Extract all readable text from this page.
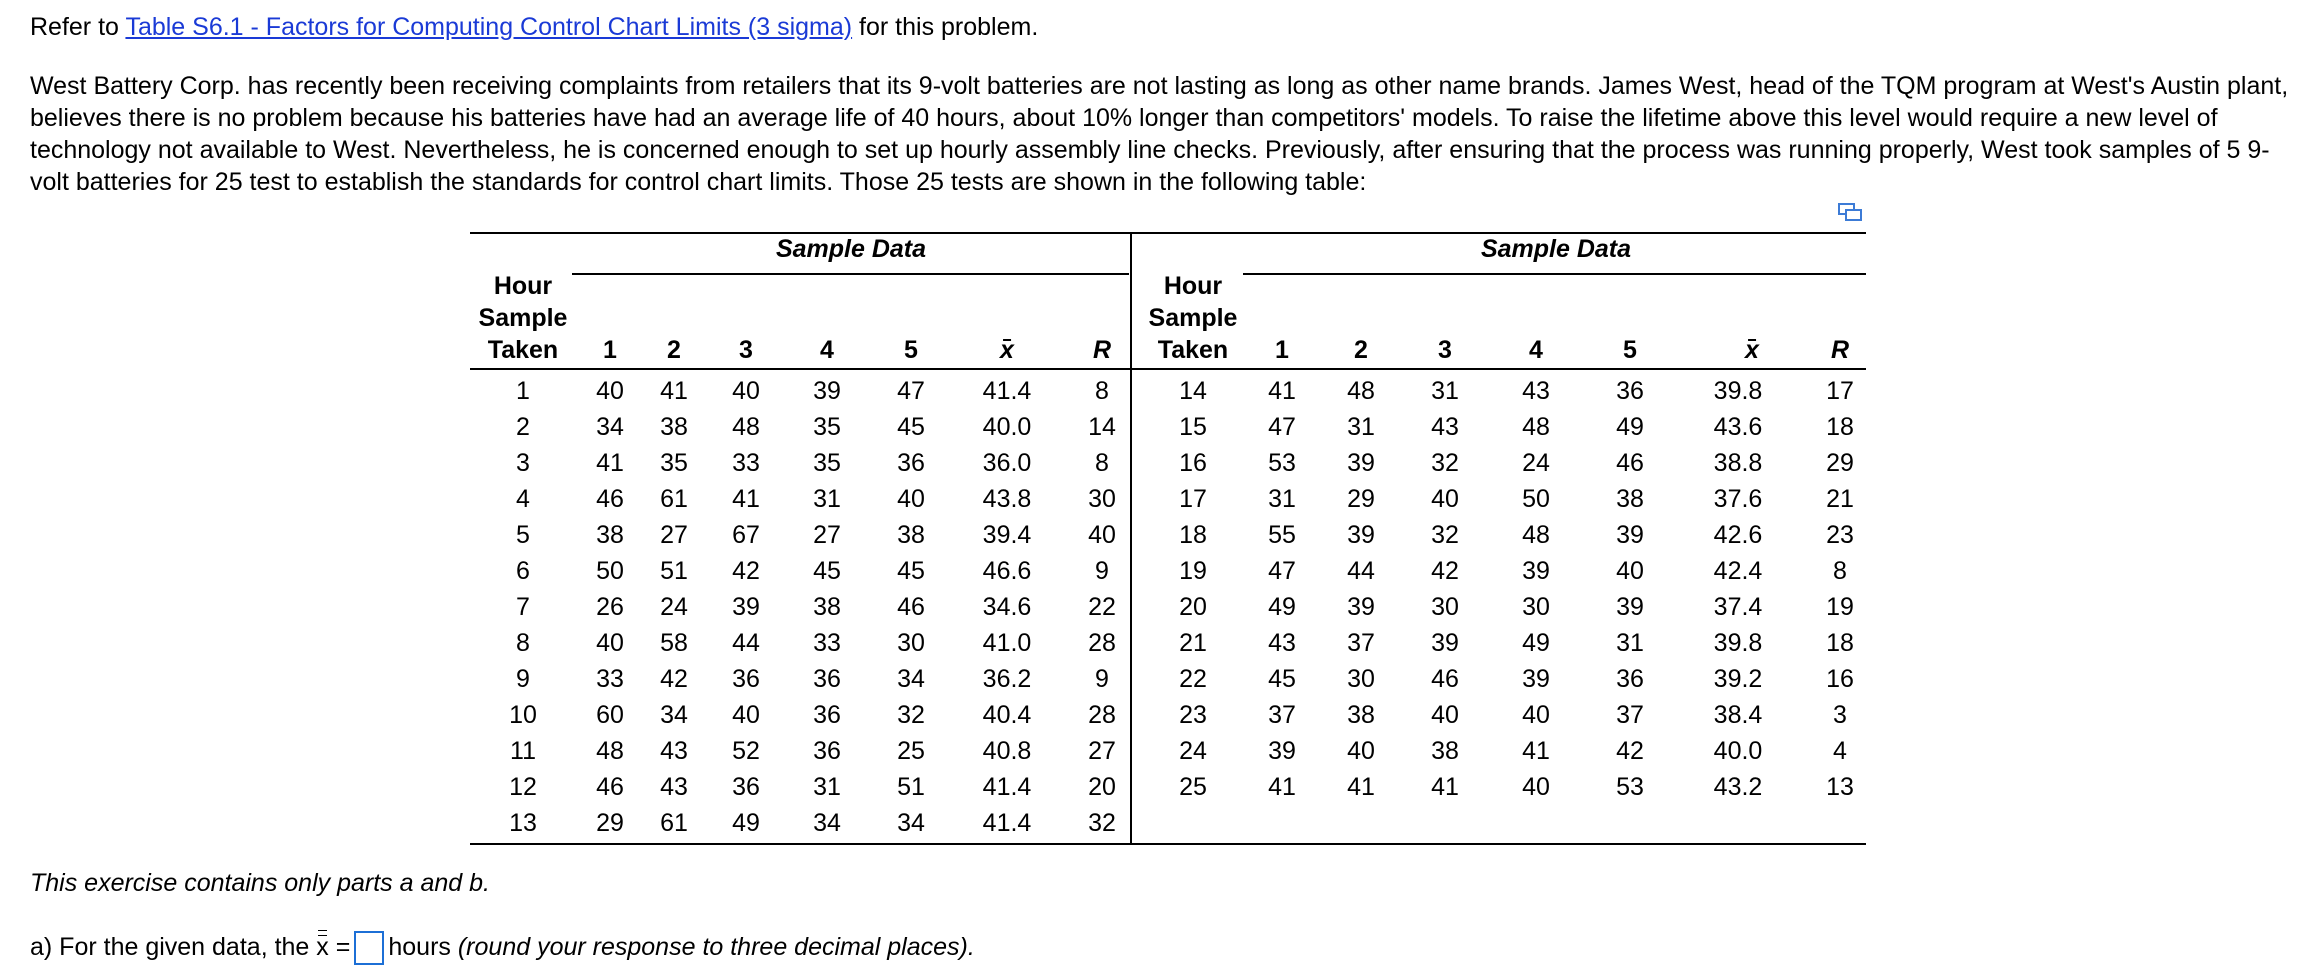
Refer to Table S6.1 - Factors for Computing Control Chart Limits (3 sigma) for this problem.

West Battery Corp. has recently been receiving complaints from retailers that its 9-volt batteries are not lasting as long as other name brands. James West, head of the TQM program at West's Austin plant, believes there is no problem because his batteries have had an average life of 40 hours, about 10% longer than competitors' models. To raise the lifetime above this level would require a new level of technology not available to West. Nevertheless, he is concerned enough to set up hourly assembly line checks. Previously, after ensuring that the process was running properly, West took samples of 5 9-volt batteries for 25 test to establish the standards for control chart limits. Those 25 tests are shown in the following table:

Sample Data	Sample Data
Hour
Sample
Taken
Hour
Sample
Taken
1 2 3	4	5	x	R	1	2	3	4	5	x	R
1	40 41 40 39 47 41.4	8
2	34 38 48 35 45 40.0 14
3	41 35 33 35 36 36.0	8
4	46 61 41 31 40 43.8 30
5	38 27 67 27 38 39.4 40
6	50 51 42 45 45 46.6	9
7	26 24 39 38 46 34.6 22
8	40 58 44 33 30 41.0 28
9	33 42 36 36 34 36.2	9
10 60 34 40 36 32 40.4 28
11 48 43 52 36 25 40.8 27
12 46 43 36 31 51 41.4 20
13 29 61 49 34 34 41.4 32
14 41 48 31	43	36	39.8	17
15 47 31 43	48	49	43.6	18
16 53 39 32	24	46	38.8	29
17 31 29 40	50	38	37.6	21
18 55 39 32	48	39	42.6	23
19 47 44 42	39	40	42.4	8
20 49 39 30	30	39	37.4	19
21 43 37 39	49	31	39.8	18
22 45 30 46	39	36	39.2	16
23 37 38 40	40	37	38.4	3
24 39 40 38	41	42	40.0	4
25 41 41 41	40	53	43.2	13
This exercise contains only parts a and b.
a) For the given data, the x = hours (round your response to three decimal places).
